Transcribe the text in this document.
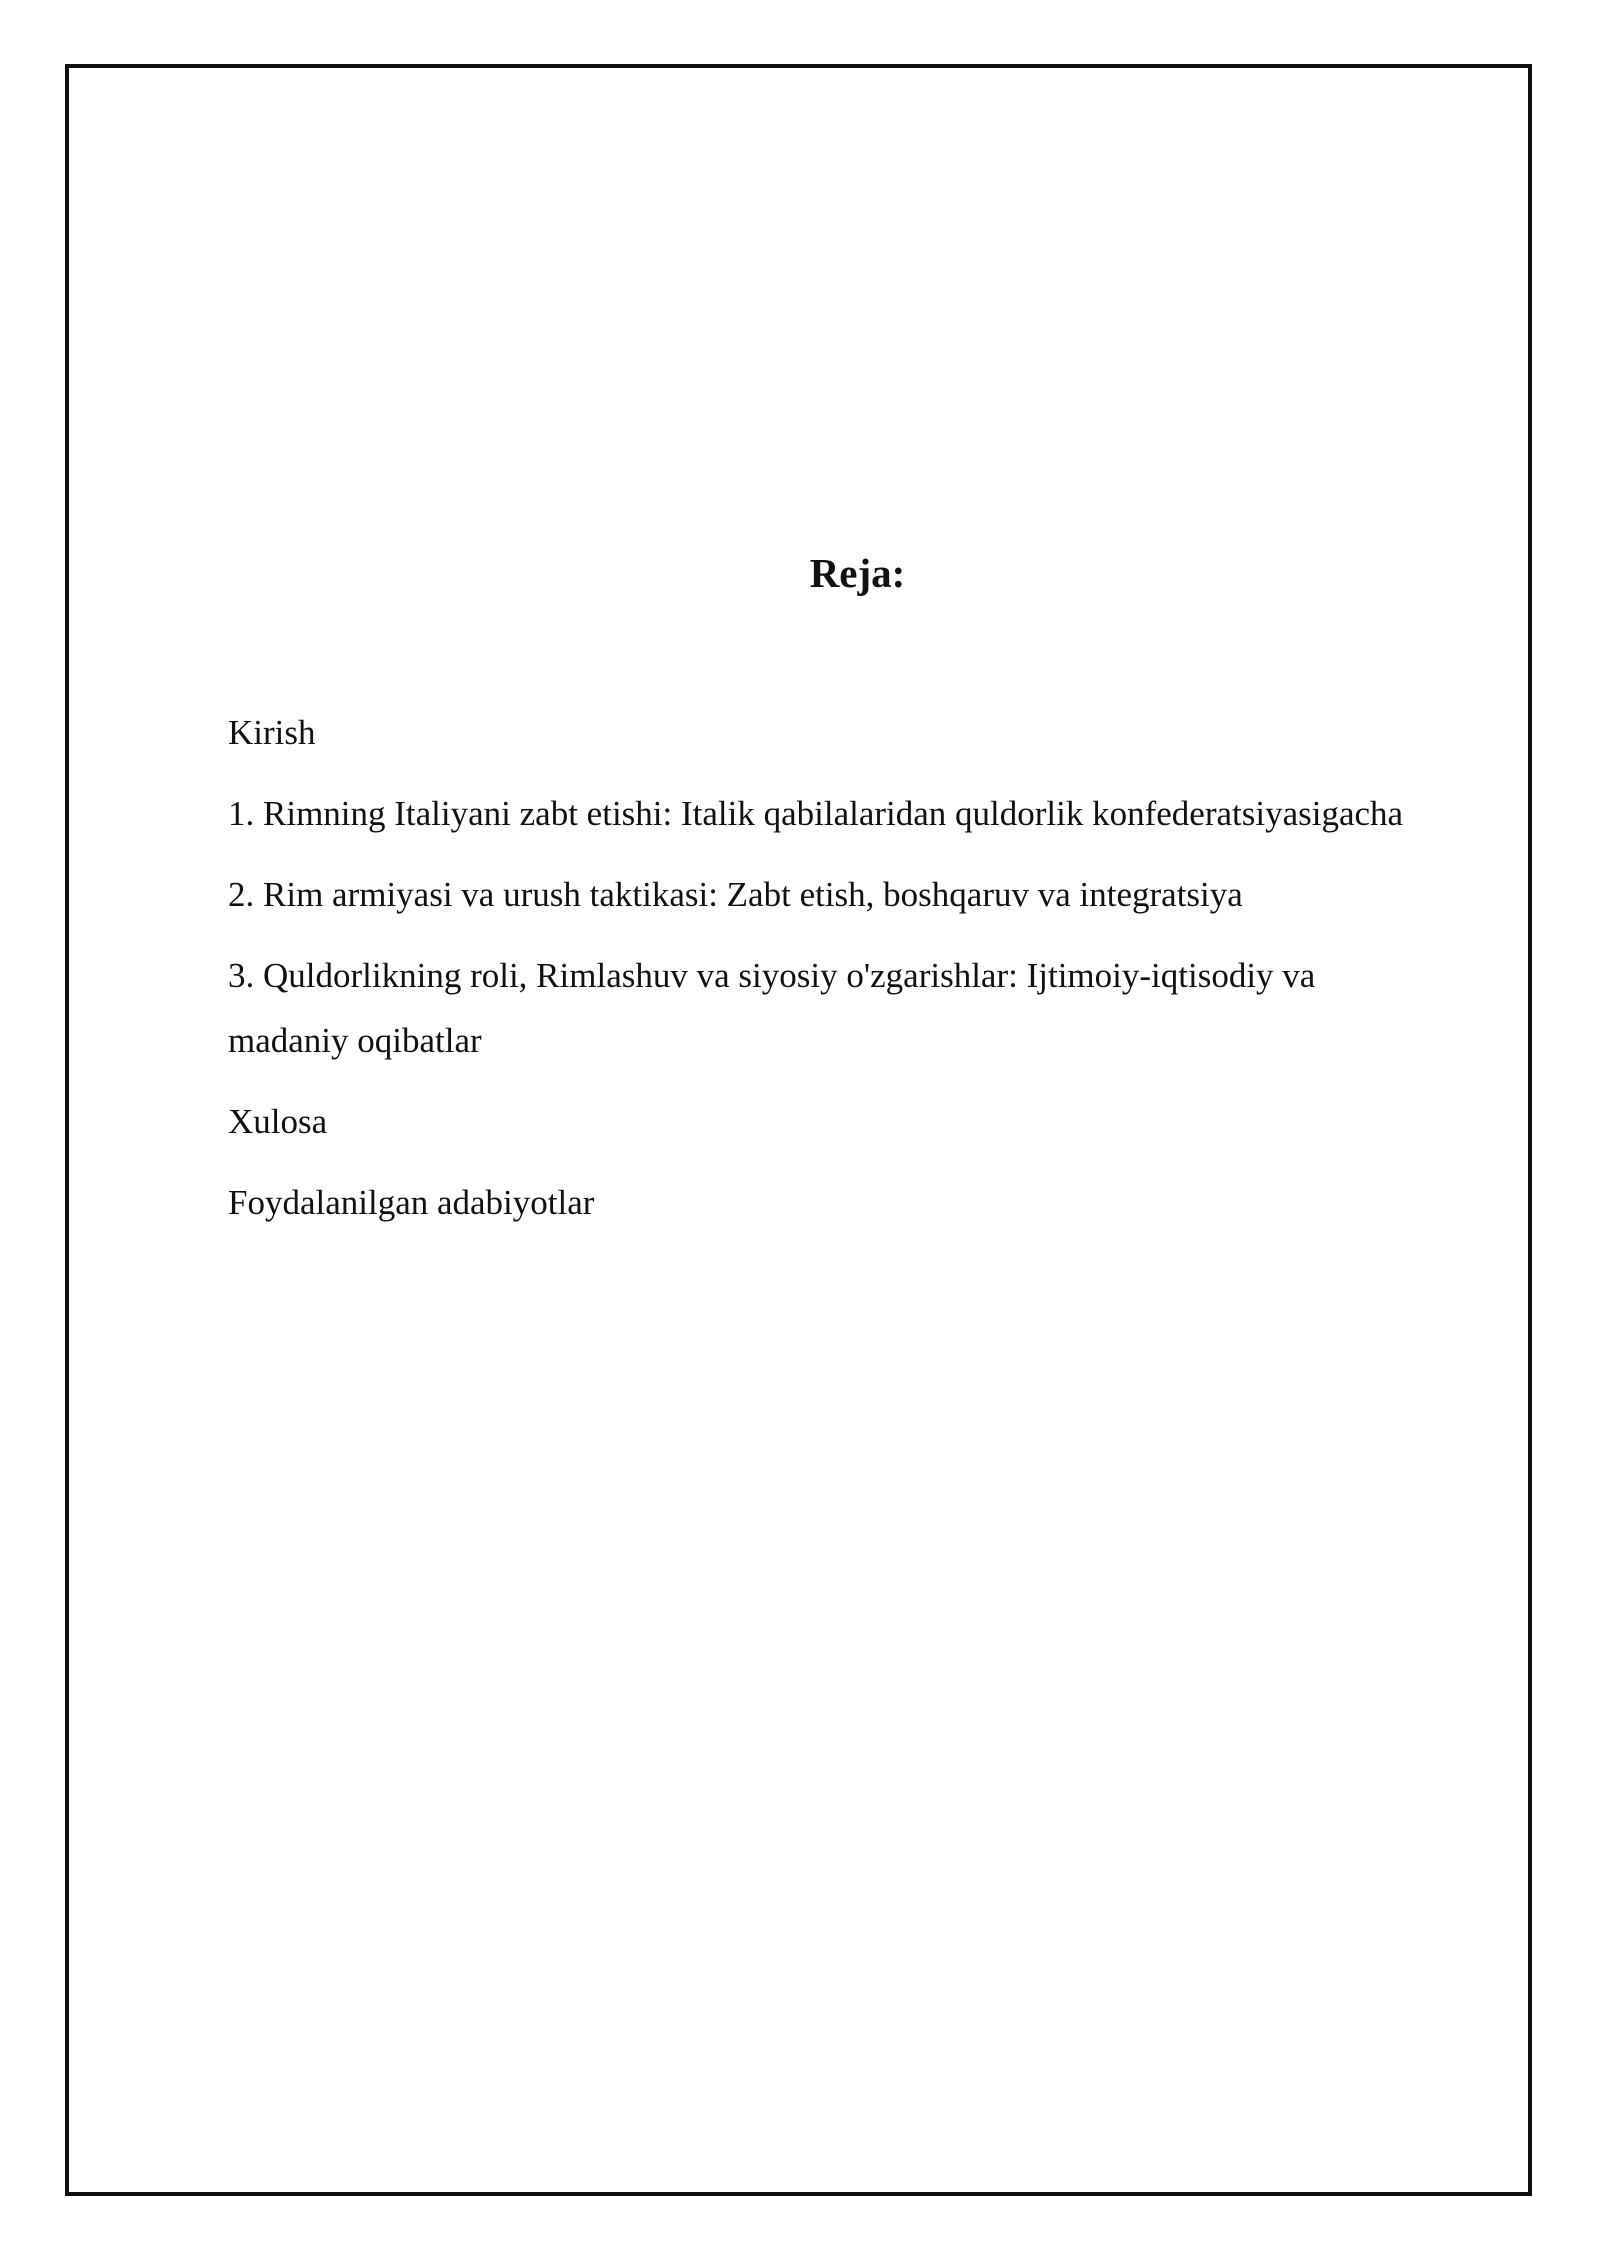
Reja:
Kirish
1. Rimning Italiyani zabt etishi: Italik qabilalaridan quldorlik konfederatsiyasigacha
2. Rim armiyasi va urush taktikasi: Zabt etish, boshqaruv va integratsiya
3. Quldorlikning roli, Rimlashuv va siyosiy o'zgarishlar: Ijtimoiy-iqtisodiy va madaniy oqibatlar
Xulosa
Foydalanilgan adabiyotlar
